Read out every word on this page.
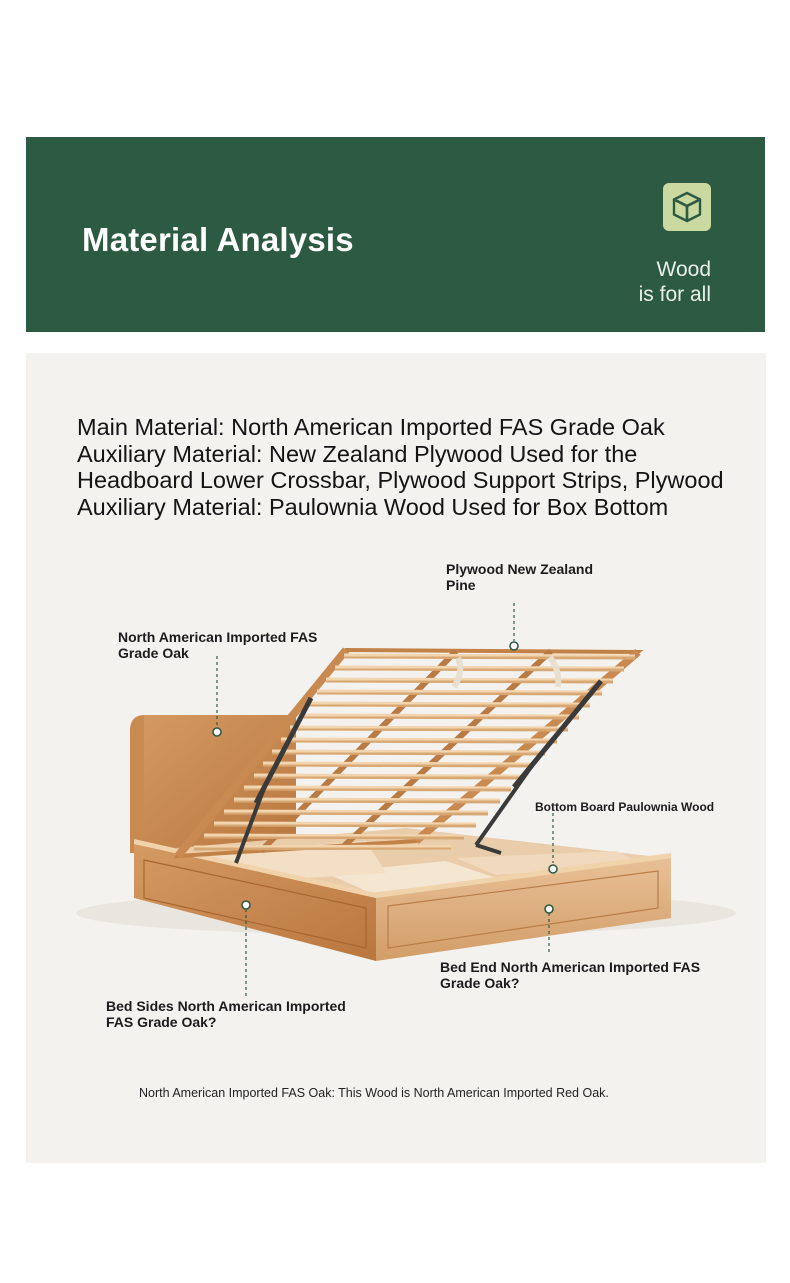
Material Analysis
Wood
is for all
Main Material: North American Imported FAS Grade Oak
Auxiliary Material: New Zealand Plywood Used for the
Headboard Lower Crossbar, Plywood Support Strips, Plywood
Auxiliary Material: Paulownia Wood Used for Box Bottom
Plywood New Zealand
Pine
North American Imported FAS
Grade Oak
Bottom Board Paulownia Wood
Bed End North American Imported FAS
Grade Oak?
Bed Sides North American Imported
FAS Grade Oak?
North American Imported FAS Oak: This Wood is North American Imported Red Oak.
